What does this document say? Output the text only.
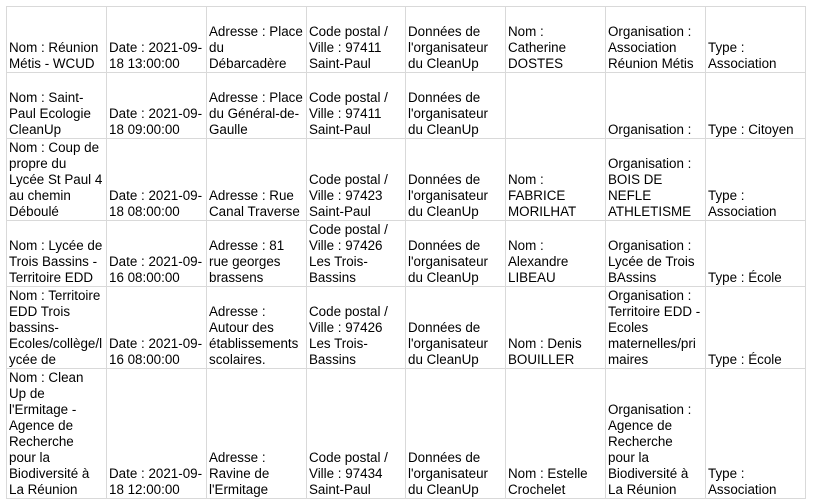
Nom : Réunion Métis - WCUD	Date : 2021-09-18 13:00:00	Adresse : Place du Débarcadère	Code postal / Ville : 97411 Saint-Paul	Données de l'organisateur du CleanUp	Nom : Catherine DOSTES	Organisation : Association Réunion Métis	Type : Association
Nom : Saint-Paul Ecologie CleanUp	Date : 2021-09-18 09:00:00	Adresse : Place du Général-de-Gaulle	Code postal / Ville : 97411 Saint-Paul	Données de l'organisateur du CleanUp		Organisation :	Type : Citoyen
Nom : Coup de propre du Lycée St Paul 4 au chemin Déboulé	Date : 2021-09-18 08:00:00	Adresse : Rue Canal Traverse	Code postal / Ville : 97423 Saint-Paul	Données de l'organisateur du CleanUp	Nom : FABRICE MORILHAT	Organisation : BOIS DE NEFLE ATHLETISME	Type : Association
Nom : Lycée de Trois Bassins - Territoire EDD	Date : 2021-09-16 08:00:00	Adresse : 81 rue georges brassens	Code postal / Ville : 97426 Les Trois-Bassins	Données de l'organisateur du CleanUp	Nom : Alexandre LIBEAU	Organisation : Lycée de Trois BAssins	Type : École

Nom : Territoire EDD Trois bassins-Ecoles/collège/lycée de	Date : 2021-09-16 08:00:00	Adresse : Autour des établissements scolaires.	Code postal / Ville : 97426 Les Trois-Bassins	Données de l'organisateur du CleanUp	Nom : Denis BOUILLER	Organisation : Territoire EDD -Ecoles maternelles/primaires	Type : École
Nom : Clean Up de l'Ermitage - Agence de Recherche pour la Biodiversité à La Réunion	Date : 2021-09-18 12:00:00	Adresse : Ravine de l'Ermitage	Code postal / Ville : 97434 Saint-Paul	Données de l'organisateur du CleanUp	Nom : Estelle Crochelet	Organisation : Agence de Recherche pour la Biodiversité à La Réunion	Type : Association
